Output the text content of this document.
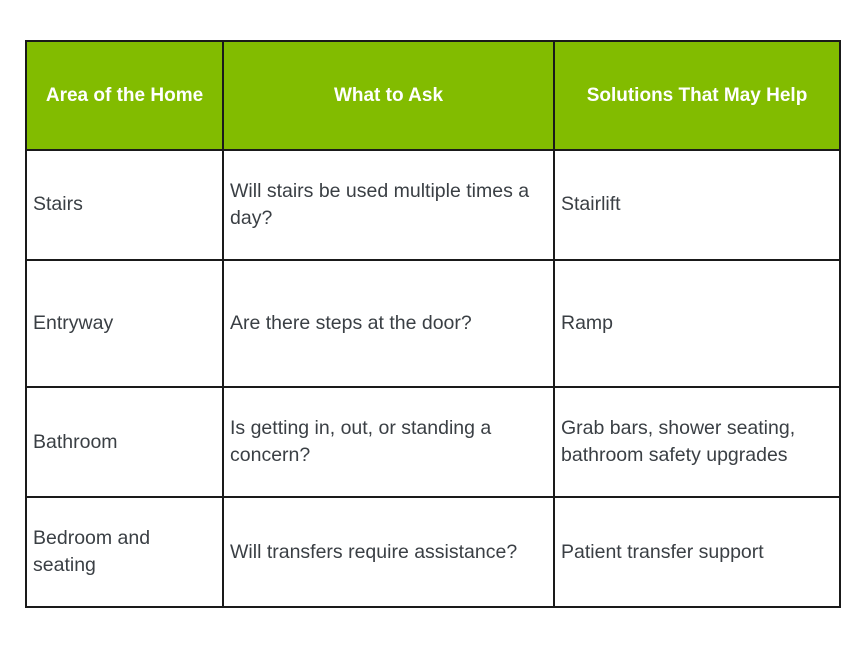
Area of the Home	What to Ask	Solutions That May Help
Stairs	Will stairs be used multiple times a day?	Stairlift
Entryway	Are there steps at the door?	Ramp
Bathroom	Is getting in, out, or standing a concern?	Grab bars, shower seating, bathroom safety upgrades
Bedroom and seating	Will transfers require assistance?	Patient transfer support
